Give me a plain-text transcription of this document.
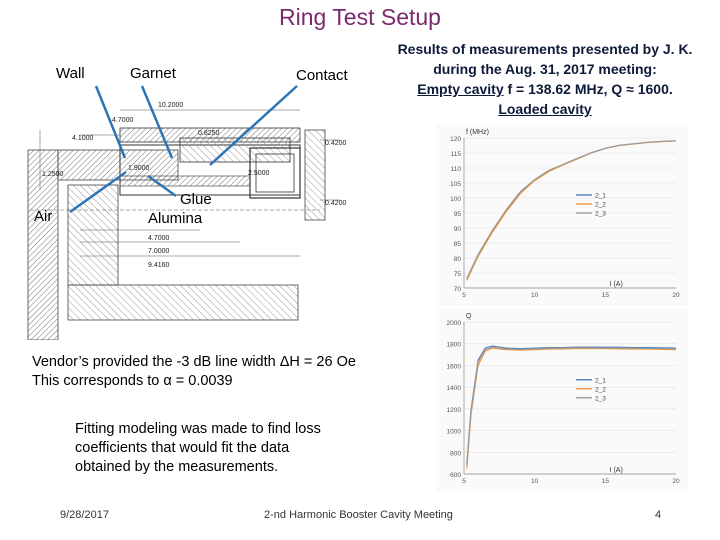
Ring Test Setup
10.2000
4.7000
4.1000
0.8250
0.4200
1.2500
1.9000
2.5000
0.4200
4.7000
7.0000
9.4160
Wall	Garnet	Contact
Air
Glue
Alumina
Results of measurements presented by J. K.
during the Aug. 31, 2017 meeting:
Empty cavity f = 138.62 MHz, Q ≈ 1600.
Loaded cavity
70
75
80
85
90
95
100
105
110
115
120
5	10	15	20
f (MHz)
I (A)
2_1
2_2
2_3
600
800
1000
1200
1400
1600
1800
2000
5	10	15	20
Q
I (A)
2_1
2_2
2_3
Vendor’s provided the -3 dB line width ΔH = 26 Oe
This corresponds to α = 0.0039
Fitting modeling was made to find loss
coefficients that would fit the data
obtained by the measurements.
9/28/2017	2-nd Harmonic Booster Cavity Meeting	4
